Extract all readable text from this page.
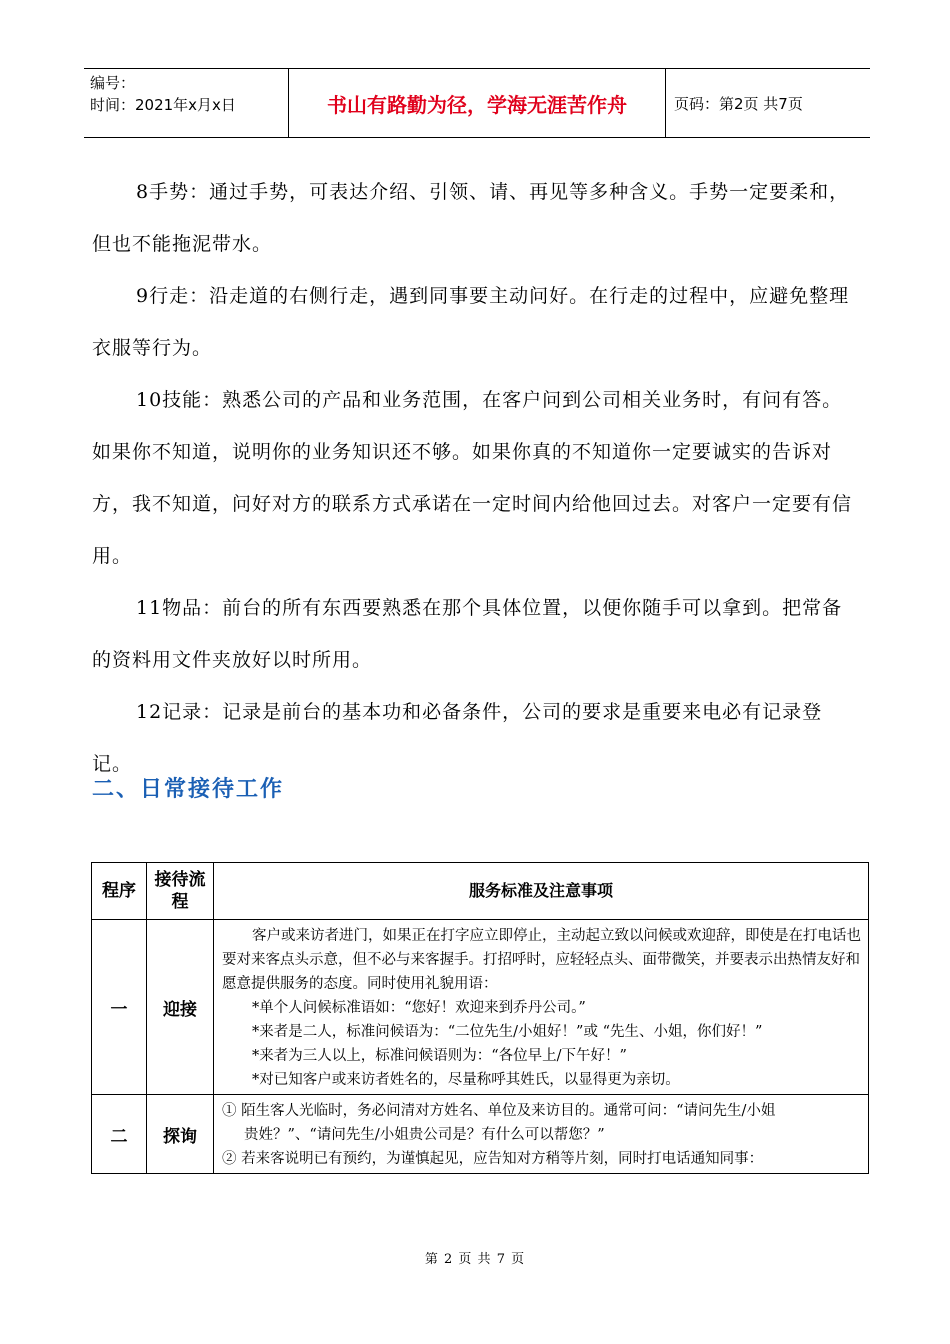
编号：
时间：2021年x月x日	书山有路勤为径，学海无涯苦作舟	页码：第2页 共7页

8手势：通过手势，可表达介绍、引领、请、再见等多种含义。手势一定要柔和，但也不能拖泥带水。

9行走：沿走道的右侧行走，遇到同事要主动问好。在行走的过程中，应避免整理衣服等行为。

10技能：熟悉公司的产品和业务范围，在客户问到公司相关业务时，有问有答。如果你不知道，说明你的业务知识还不够。如果你真的不知道你一定要诚实的告诉对方，我不知道，问好对方的联系方式承诺在一定时间内给他回过去。对客户一定要有信用。

11物品：前台的所有东西要熟悉在那个具体位置，以便你随手可以拿到。把常备的资料用文件夹放好以时所用。

12记录：记录是前台的基本功和必备条件，公司的要求是重要来电必有记录登记。

二、日常接待工作
程序	接待流程	服务标准及注意事项
一	迎接	客户或来访者进门，如果正在打字应立即停止，主动起立致以问候或欢迎辞，即使是在打电话也要对来客点头示意，但不必与来客握手。打招呼时，应轻轻点头、面带微笑，并要表示出热情友好和愿意提供服务的态度。同时使用礼貌用语：

*单个人问候标准语如：“您好！欢迎来到乔丹公司。”

*来者是二人，标准问候语为：“二位先生/小姐好！”或 “先生、小姐，你们好！”

*来者为三人以上，标准问候语则为：“各位早上/下午好！”

*对已知客户或来访者姓名的，尽量称呼其姓氏，以显得更为亲切。

二	探询	① 陌生客人光临时，务必问清对方姓名、单位及来访目的。通常可问：“请问先生/小姐

贵姓？”、“请问先生/小姐贵公司是？有什么可以帮您？”

② 若来客说明已有预约，为谨慎起见，应告知对方稍等片刻，同时打电话通知同事：

第 2 页 共 7 页
